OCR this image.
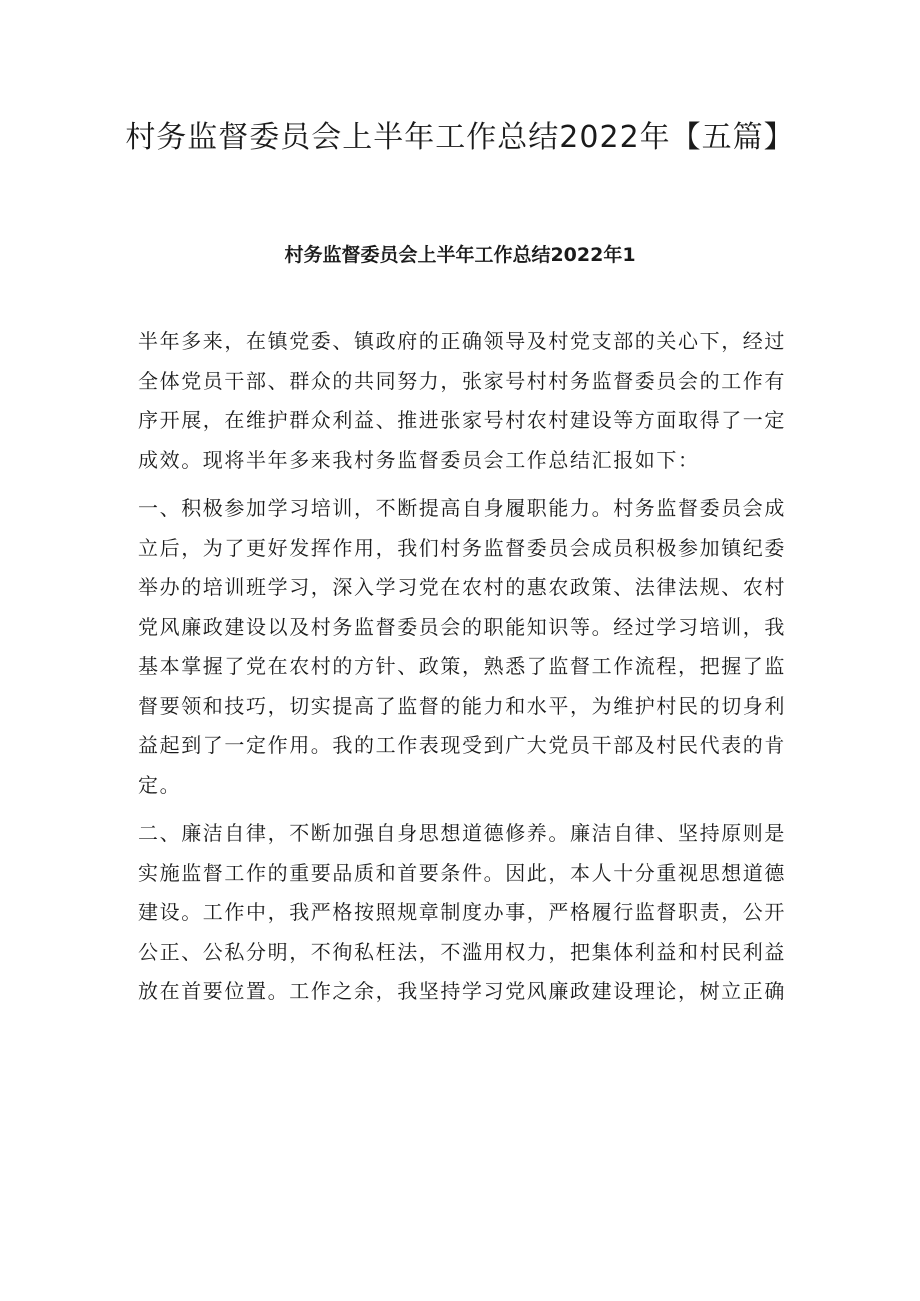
村务监督委员会上半年工作总结2022年【五篇】
村务监督委员会上半年工作总结2022年1

半年多来，在镇党委、镇政府的正确领导及村党支部的关心下，经过全体党员干部、群众的共同努力，张家号村村务监督委员会的工作有序开展，在维护群众利益、推进张家号村农村建设等方面取得了一定成效。现将半年多来我村务监督委员会工作总结汇报如下：

一、积极参加学习培训，不断提高自身履职能力。村务监督委员会成立后，为了更好发挥作用，我们村务监督委员会成员积极参加镇纪委举办的培训班学习，深入学习党在农村的惠农政策、法律法规、农村党风廉政建设以及村务监督委员会的职能知识等。经过学习培训，我基本掌握了党在农村的方针、政策，熟悉了监督工作流程，把握了监督要领和技巧，切实提高了监督的能力和水平，为维护村民的切身利益起到了一定作用。我的工作表现受到广大党员干部及村民代表的肯定。

二、廉洁自律，不断加强自身思想道德修养。廉洁自律、坚持原则是实施监督工作的重要品质和首要条件。因此，本人十分重视思想道德建设。工作中，我严格按照规章制度办事，严格履行监督职责，公开公正、公私分明，不徇私枉法，不滥用权力，把集体利益和村民利益放在首要位置。工作之余，我坚持学习党风廉政建设理论，树立正确
